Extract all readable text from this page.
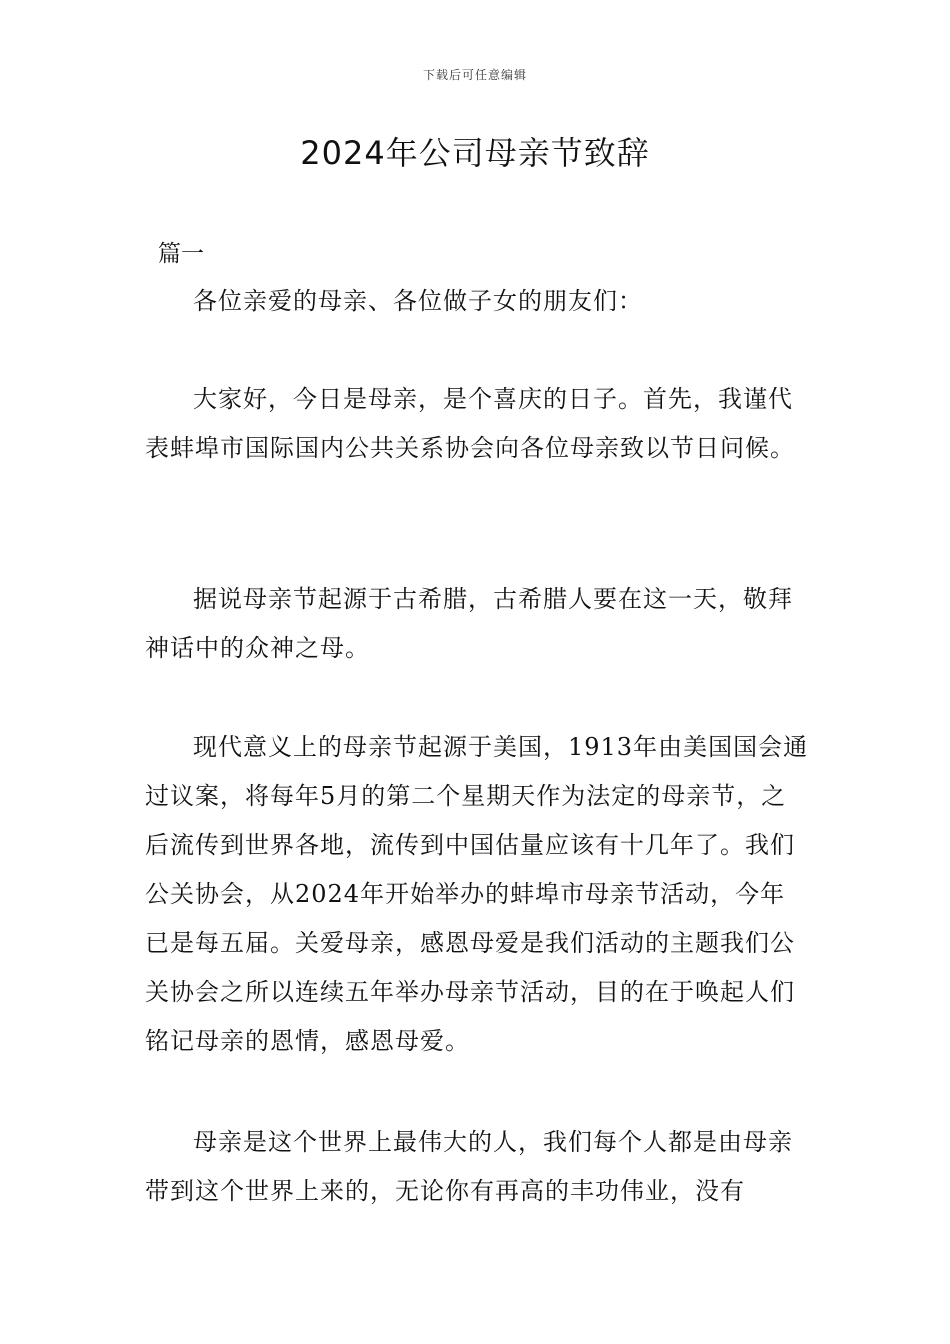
下载后可任意编辑
2024年公司母亲节致辞
篇一

各位亲爱的母亲、各位做子女的朋友们：

大家好，今日是母亲，是个喜庆的日子。首先，我谨代表蚌埠市国际国内公共关系协会向各位母亲致以节日问候。

据说母亲节起源于古希腊，古希腊人要在这一天，敬拜神话中的众神之母。

现代意义上的母亲节起源于美国，1913年由美国国会通过议案，将每年5月的第二个星期天作为法定的母亲节，之后流传到世界各地，流传到中国估量应该有十几年了。我们公关协会，从2024年开始举办的蚌埠市母亲节活动，今年已是每五届。关爱母亲，感恩母爱是我们活动的主题我们公关协会之所以连续五年举办母亲节活动，目的在于唤起人们铭记母亲的恩情，感恩母爱。

母亲是这个世界上最伟大的人，我们每个人都是由母亲带到这个世界上来的，无论你有再高的丰功伟业，没有
